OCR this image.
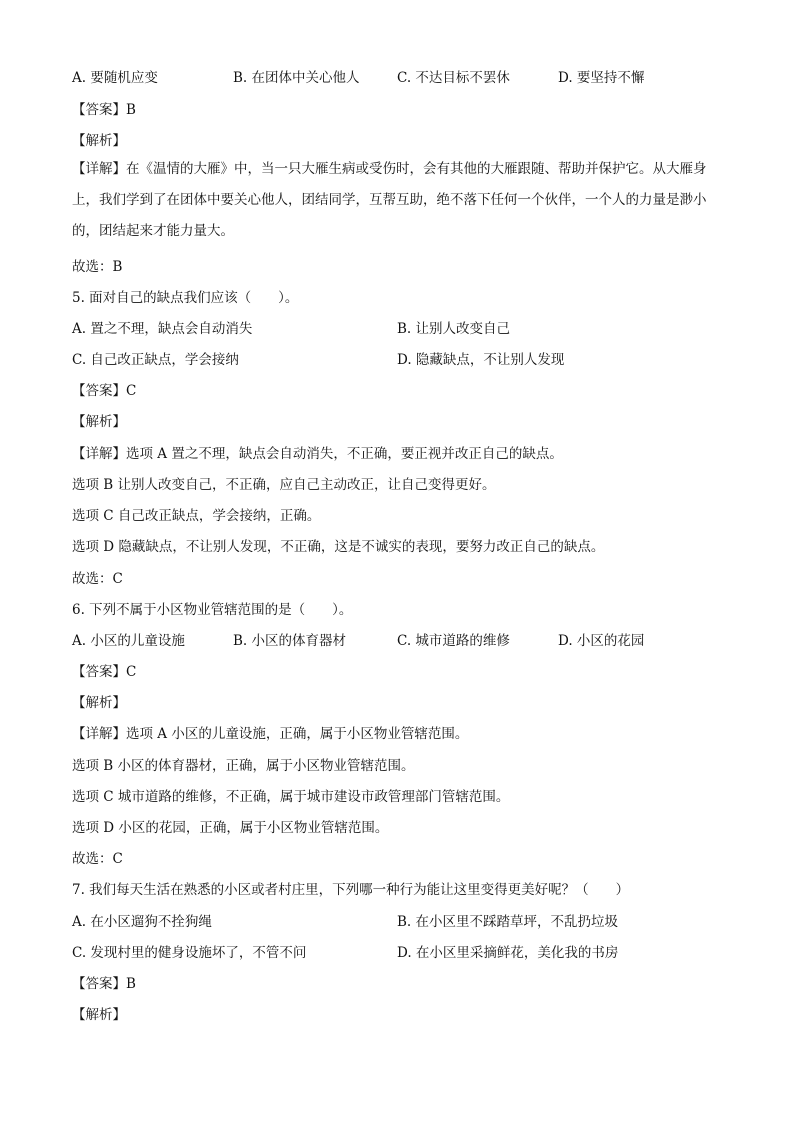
A. 要随机应变	B. 在团体中关心他人	C. 不达目标不罢休	D. 要坚持不懈
【答案】B
【解析】
【详解】在《温情的大雁》中，当一只大雁生病或受伤时，会有其他的大雁跟随、帮助并保护它。从大雁身上，我们学到了在团体中要关心他人，团结同学，互帮互助，绝不落下任何一个伙伴，一个人的力量是渺小的，团结起来才能力量大。
故选：B
5. 面对自己的缺点我们应该（　　）。
A. 置之不理，缺点会自动消失	B. 让别人改变自己
C. 自己改正缺点，学会接纳	D. 隐藏缺点，不让别人发现
【答案】C
【解析】
【详解】选项 A 置之不理，缺点会自动消失，不正确，要正视并改正自己的缺点。
选项 B 让别人改变自己，不正确，应自己主动改正，让自己变得更好。
选项 C 自己改正缺点，学会接纳，正确。
选项 D 隐藏缺点，不让别人发现，不正确，这是不诚实的表现，要努力改正自己的缺点。
故选：C
6. 下列不属于小区物业管辖范围的是（　　）。
A. 小区的儿童设施	B. 小区的体育器材	C. 城市道路的维修	D. 小区的花园
【答案】C
【解析】
【详解】选项 A 小区的儿童设施，正确，属于小区物业管辖范围。
选项 B 小区的体育器材，正确，属于小区物业管辖范围。
选项 C 城市道路的维修，不正确，属于城市建设市政管理部门管辖范围。
选项 D 小区的花园，正确，属于小区物业管辖范围。
故选：C
7. 我们每天生活在熟悉的小区或者村庄里，下列哪一种行为能让这里变得更美好呢？（　　）
A. 在小区遛狗不拴狗绳	B. 在小区里不踩踏草坪，不乱扔垃圾
C. 发现村里的健身设施坏了，不管不问	D. 在小区里采摘鲜花，美化我的书房
【答案】B
【解析】
